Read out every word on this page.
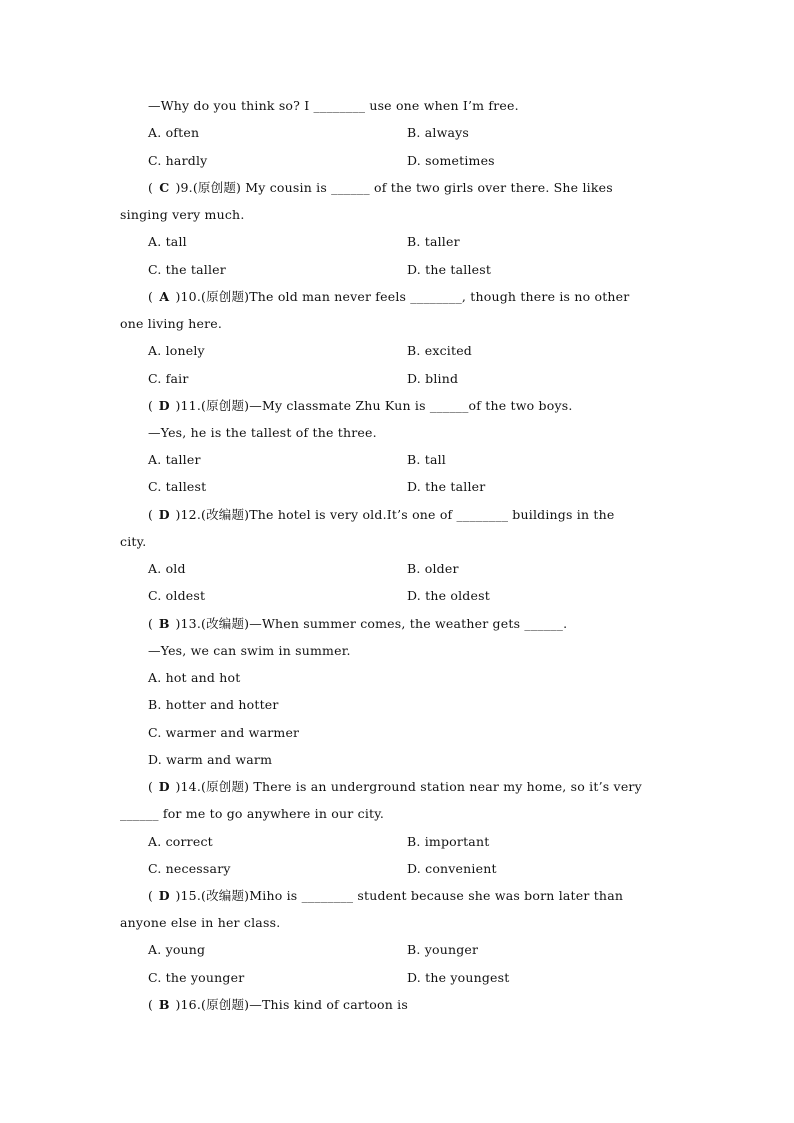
—Why do you think so? I ________ use one when I’m free.
A. often	B. always
C. hardly	D. sometimes
( C )9.(原创题) My cousin is ______ of the two girls over there. She likes
singing very much.
A. tall	B. taller
C. the taller	D. the tallest
( A )10.(原创题)The old man never feels ________, though there is no other
one living here.
A. lonely	B. excited
C. fair	D. blind
( D )11.(原创题)—My classmate Zhu Kun is ______of the two boys.
—Yes, he is the tallest of the three.
A. taller	B. tall
C. tallest	D. the taller
( D )12.(改编题)The hotel is very old.It’s one of ________ buildings in the
city.
A. old	B. older
C. oldest	D. the oldest
( B )13.(改编题)—When summer comes, the weather gets ______.
—Yes, we can swim in summer.
A. hot and hot
B. hotter and hotter
C. warmer and warmer
D. warm and warm
( D )14.(原创题) There is an underground station near my home, so it’s very
______ for me to go anywhere in our city.
A. correct	B. important
C. necessary	D. convenient
( D )15.(改编题)Miho is ________ student because she was born later than
anyone else in her class.
A. young	B. younger
C. the younger	D. the youngest
( B )16.(原创题)—This kind of cartoon is
